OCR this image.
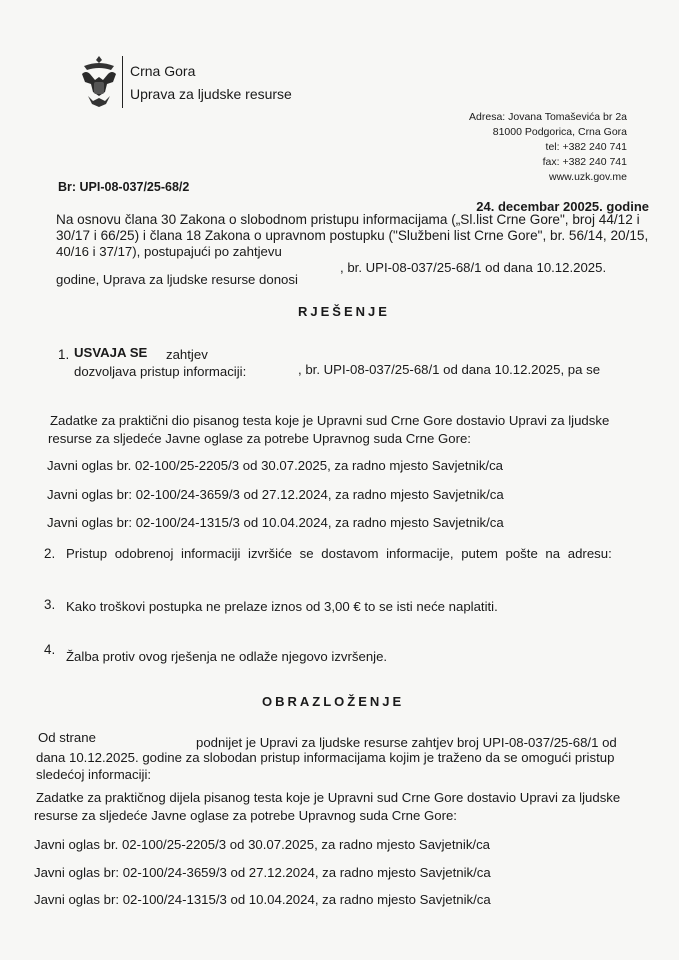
Crna Gora
Uprava za ljudske resurse
Adresa: Jovana Tomaševića br 2a
81000 Podgorica, Crna Gora
tel: +382 240 741
fax: +382 240 741
www.uzk.gov.me
Br: UPI-08-037/25-68/2
24. decembar 20025. godine
Na osnovu člana 30 Zakona o slobodnom pristupu informacijama („Sl.list Crne Gore", broj 44/12 i
30/17 i 66/25) i člana 18 Zakona o upravnom postupku ("Službeni list Crne Gore", br. 56/14, 20/15,
40/16 i 37/17), postupajući po zahtjevu
, br. UPI-08-037/25-68/1 od dana 10.12.2025.
godine, Uprava za ljudske resurse donosi
RJEŠENJE
1. USVAJA SE zahtjev
, br. UPI-08-037/25-68/1 od dana 10.12.2025, pa se
dozvoljava pristup informaciji:
Zadatke za praktični dio pisanog testa koje je Upravni sud Crne Gore dostavio Upravi za ljudske
resurse za sljedeće Javne oglase za potrebe Upravnog suda Crne Gore:
Javni oglas br. 02-100/25-2205/3 od 30.07.2025, za radno mjesto Savjetnik/ca
Javni oglas br: 02-100/24-3659/3 od 27.12.2024, za radno mjesto Savjetnik/ca
Javni oglas br: 02-100/24-1315/3 od 10.04.2024, za radno mjesto Savjetnik/ca
2. Pristup odobrenoj informaciji izvršiće se dostavom informacije, putem pošte na adresu:
3. Kako troškovi postupka ne prelaze iznos od 3,00 € to se isti neće naplatiti.
4. Žalba protiv ovog rješenja ne odlaže njegovo izvršenje.
OBRAZLOŽENJE
Od strane	podnijet je Upravi za ljudske resurse zahtjev broj UPI-08-037/25-68/1 od
dana 10.12.2025. godine za slobodan pristup informacijama kojim je traženo da se omogući pristup
sledećoj informaciji:
Zadatke za praktičnog dijela pisanog testa koje je Upravni sud Crne Gore dostavio Upravi za ljudske
resurse za sljedeće Javne oglase za potrebe Upravnog suda Crne Gore:
Javni oglas br. 02-100/25-2205/3 od 30.07.2025, za radno mjesto Savjetnik/ca
Javni oglas br: 02-100/24-3659/3 od 27.12.2024, za radno mjesto Savjetnik/ca
Javni oglas br: 02-100/24-1315/3 od 10.04.2024, za radno mjesto Savjetnik/ca
